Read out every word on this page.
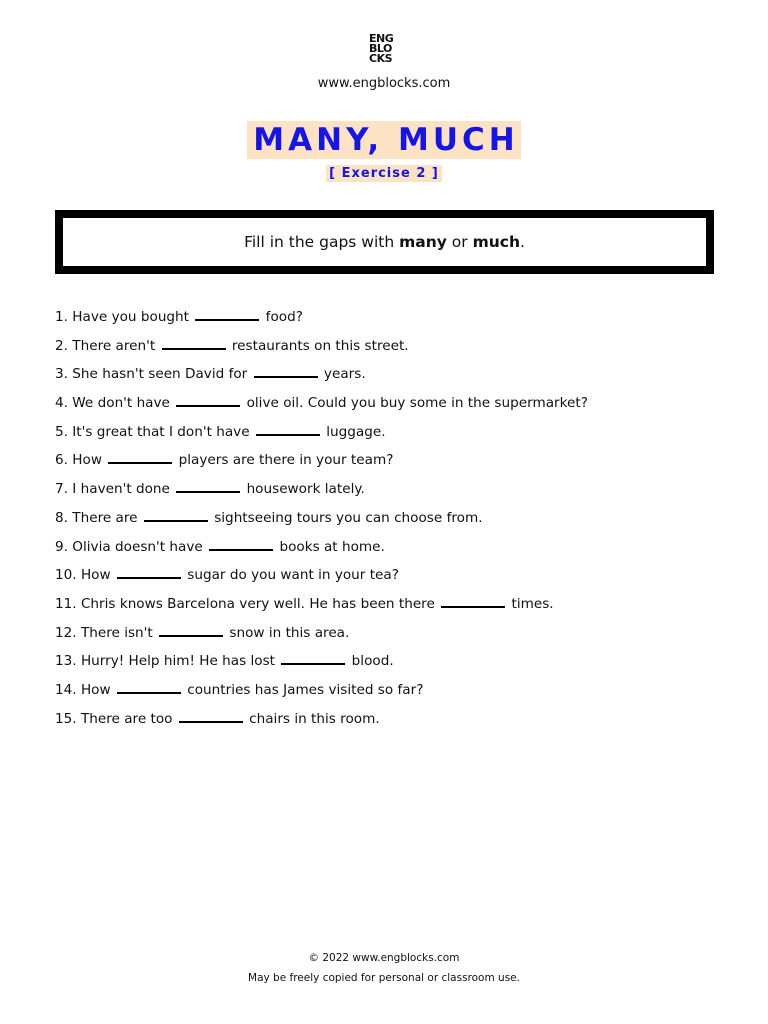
ENG
BLO
CKS
www.engblocks.com
MANY, MUCH
[ Exercise 2 ]
Fill in the gaps with many or much.
1. Have you bought	food?
2. There aren't	restaurants on this street.
3. She hasn't seen David for	years.
4. We don't have	olive oil. Could you buy some in the supermarket?
5. It's great that I don't have	luggage.
6. How	players are there in your team?
7. I haven't done	housework lately.
8. There are	sightseeing tours you can choose from.
9. Olivia doesn't have	books at home.
10. How	sugar do you want in your tea?
11. Chris knows Barcelona very well. He has been there	times.
12. There isn't	snow in this area.
13. Hurry! Help him! He has lost	blood.
14. How	countries has James visited so far?
15. There are too	chairs in this room.
© 2022 www.engblocks.com
May be freely copied for personal or classroom use.
